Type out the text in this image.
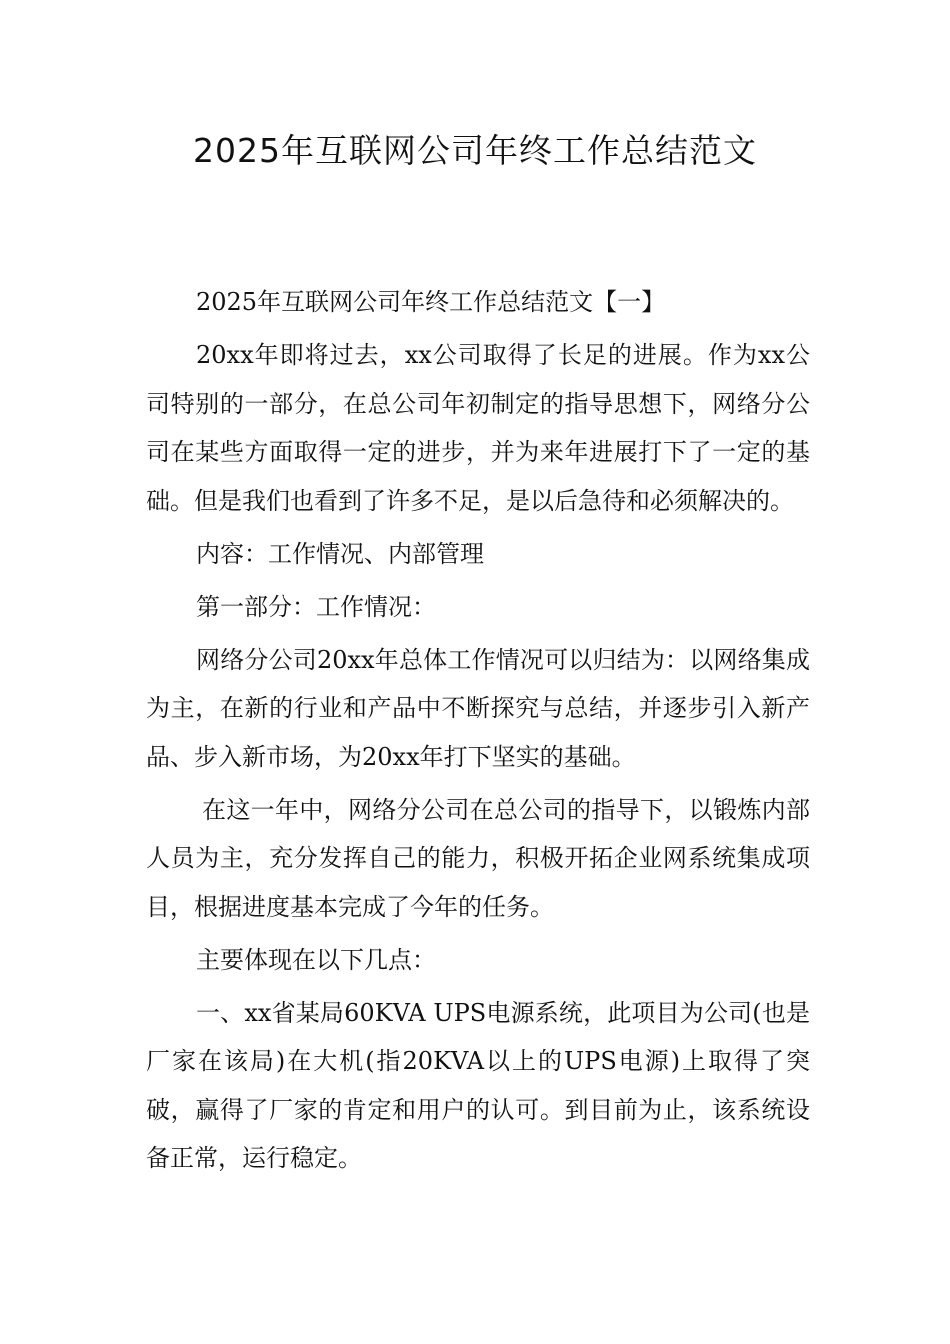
2025年互联网公司年终工作总结范文

2025年互联网公司年终工作总结范文【一】

20xx年即将过去，xx公司取得了长足的进展。作为xx公司特别的一部分，在总公司年初制定的指导思想下，网络分公司在某些方面取得一定的进步，并为来年进展打下了一定的基础。但是我们也看到了许多不足，是以后急待和必须解决的。

内容：工作情况、内部管理

第一部分：工作情况：

网络分公司20xx年总体工作情况可以归结为：以网络集成为主，在新的行业和产品中不断探究与总结，并逐步引入新产品、步入新市场，为20xx年打下坚实的基础。

在这一年中，网络分公司在总公司的指导下，以锻炼内部人员为主，充分发挥自己的能力，积极开拓企业网系统集成项目，根据进度基本完成了今年的任务。

主要体现在以下几点：

一、xx省某局60KVA UPS电源系统，此项目为公司(也是厂家在该局)在大机(指20KVA以上的UPS电源)上取得了突破，赢得了厂家的肯定和用户的认可。到目前为止，该系统设备正常，运行稳定。
